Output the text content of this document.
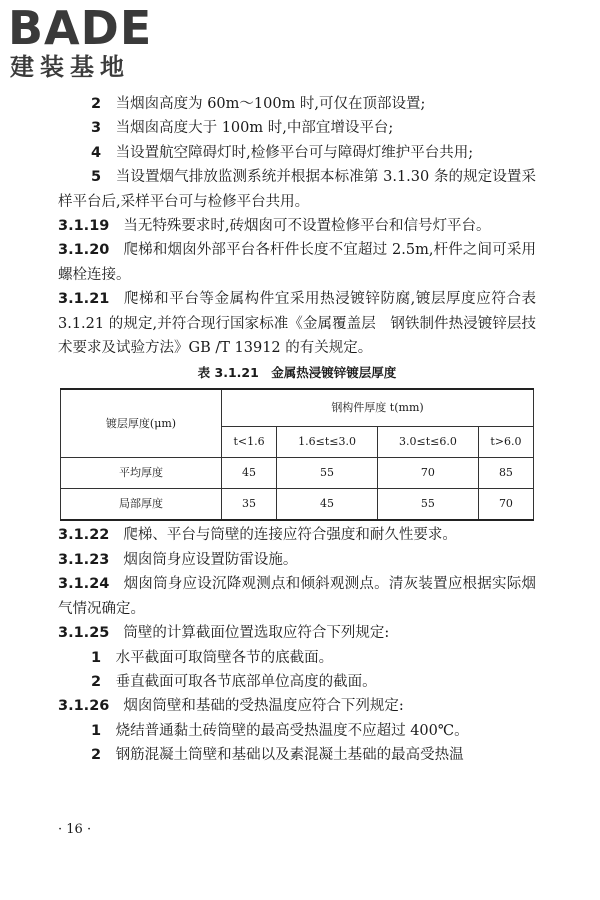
BADE
建装基地

2　 当烟囱高度为 60m～100m 时,可仅在顶部设置;

3　 当烟囱高度大于 100m 时,中部宜增设平台;

4　 当设置航空障碍灯时,检修平台可与障碍灯维护平台共用;

5　 当设置烟气排放监测系统并根据本标准第 3.1.30 条的规定设置采样平台后,采样平台可与检修平台共用。

3.1.19 当无特殊要求时,砖烟囱可不设置检修平台和信号灯平台。

3.1.20 爬梯和烟囱外部平台各杆件长度不宜超过 2.5m,杆件之间可采用螺栓连接。

3.1.21 爬梯和平台等金属构件宜采用热浸镀锌防腐,镀层厚度应符合表 3.1.21 的规定,并符合现行国家标准《金属覆盖层　钢铁制件热浸镀锌层技术要求及试验方法》GB /T 13912 的有关规定。

表 3.1.21　金属热浸镀锌镀层厚度
镀层厚度(μm)	钢构件厚度 t(mm)			
	t<1.6	1.6≤t≤3.0	3.0≤t≤6.0	t>6.0
平均厚度	45	55	70	85
局部厚度	35	45	55	70

3.1.22 爬梯、平台与筒壁的连接应符合强度和耐久性要求。

3.1.23 烟囱筒身应设置防雷设施。

3.1.24 烟囱筒身应设沉降观测点和倾斜观测点。清灰装置应根据实际烟气情况确定。

3.1.25 筒壁的计算截面位置选取应符合下列规定:

1　 水平截面可取筒壁各节的底截面。

2　 垂直截面可取各节底部单位高度的截面。

3.1.26 烟囱筒壁和基础的受热温度应符合下列规定:

1　 烧结普通黏土砖筒壁的最高受热温度不应超过 400℃。

2　 钢筋混凝土筒壁和基础以及素混凝土基础的最高受热温

· 16 ·
